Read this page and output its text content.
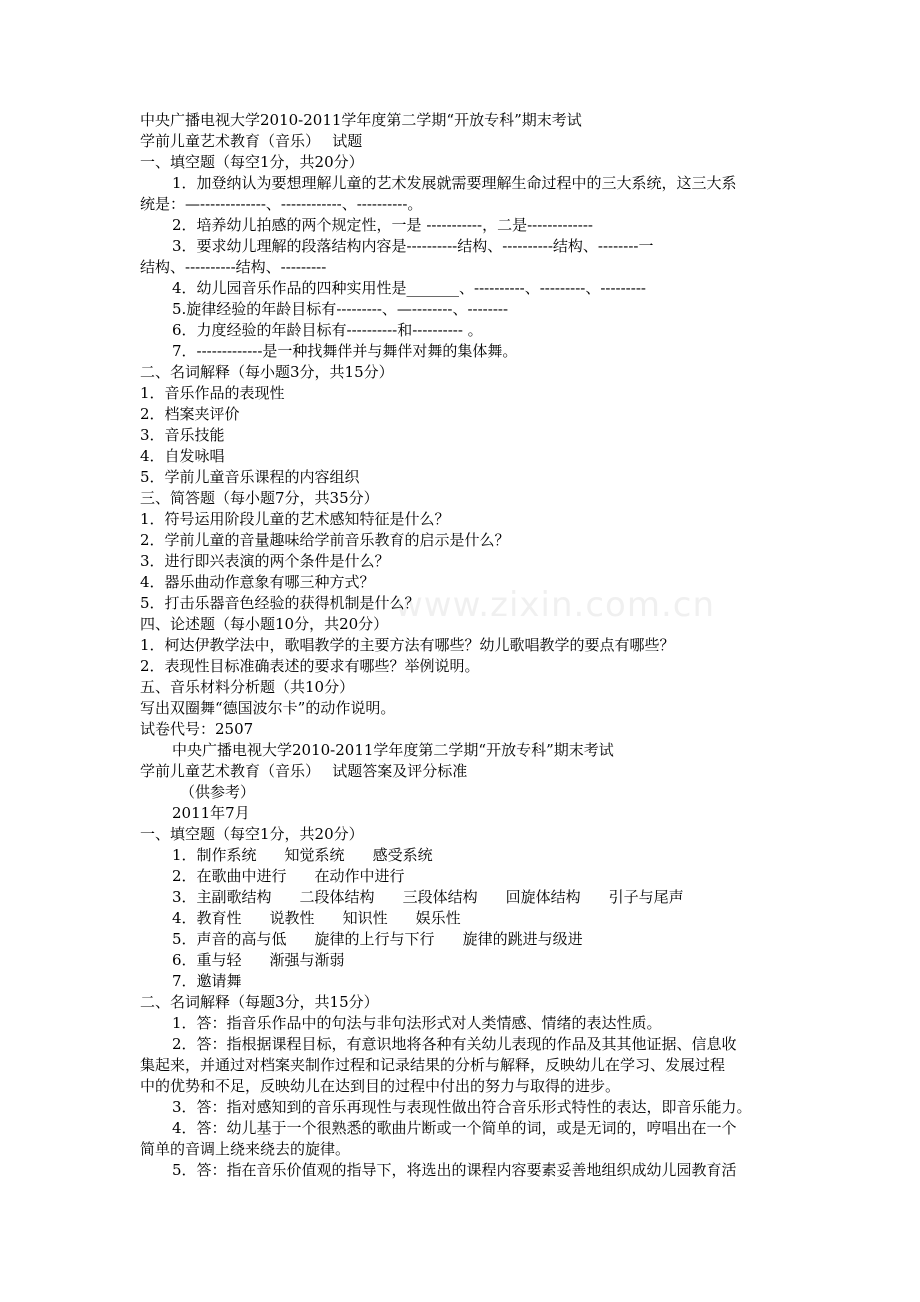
www.zixin.com.cn
中央广播电视大学2010-2011学年度第二学期“开放专科”期末考试
学前儿童艺术教育（音乐）　 试题
一、填空题（每空1分，共20分）
1．加登纳认为要想理解儿童的艺术发展就需要理解生命过程中的三大系统，这三大系
统是：—-------------、------------、----------。
2．培养幼儿拍感的两个规定性，一是 -----------，二是-------------
3．要求幼儿理解的段落结构内容是----------结构、----------结构、--------一
结构、----------结构、---------
4．幼儿园音乐作品的四种实用性是_______、----------、---------、---------
5.旋律经验的年龄目标有---------、—--------、--------
6．力度经验的年龄目标有----------和---------- 。
7．-------------是一种找舞伴并与舞伴对舞的集体舞。
二、名词解释（每小题3分，共15分）
1．音乐作品的表现性
2．档案夹评价
3．音乐技能
4．自发咏唱
5．学前儿童音乐课程的内容组织
三、简答题（每小题7分，共35分）
1．符号运用阶段儿童的艺术感知特征是什么？
2．学前儿童的音量趣味给学前音乐教育的启示是什么？
3．进行即兴表演的两个条件是什么？
4．器乐曲动作意象有哪三种方式？
5．打击乐器音色经验的获得机制是什么？
四、论述题（每小题10分，共20分）
1．柯达伊教学法中，歌唱教学的主要方法有哪些？幼儿歌唱教学的要点有哪些？
2．表现性目标准确表述的要求有哪些？举例说明。
五、音乐材料分析题（共10分）
写出双圈舞“德国波尔卡”的动作说明。
试卷代号：2507
中央广播电视大学2010-2011学年度第二学期“开放专科”期末考试
学前儿童艺术教育（音乐）　 试题答案及评分标准
（供参考）
2011年7月
一、填空题（每空1分，共20分）
1．制作系统 知觉系统 感受系统
2．在歌曲中进行 在动作中进行
3．主副歌结构 二段体结构 三段体结构 回旋体结构 引子与尾声
4．教育性 说教性 知识性 娱乐性
5．声音的高与低 旋律的上行与下行 旋律的跳进与级进
6．重与轻 渐强与渐弱
7．邀请舞
二、名词解释（每题3分，共15分）
1．答：指音乐作品中的句法与非句法形式对人类情感、情绪的表达性质。
2．答：指根据课程目标，有意识地将各种有关幼儿表现的作品及其其他证据、信息收
集起来，并通过对档案夹制作过程和记录结果的分析与解释，反映幼儿在学习、发展过程
中的优势和不足，反映幼儿在达到目的过程中付出的努力与取得的进步。
3．答：指对感知到的音乐再现性与表现性做出符合音乐形式特性的表达，即音乐能力。
4．答：幼儿基于一个很熟悉的歌曲片断或一个简单的词，或是无词的，哼唱出在一个
简单的音调上绕来绕去的旋律。
5．答：指在音乐价值观的指导下，将选出的课程内容要素妥善地组织成幼儿园教育活
